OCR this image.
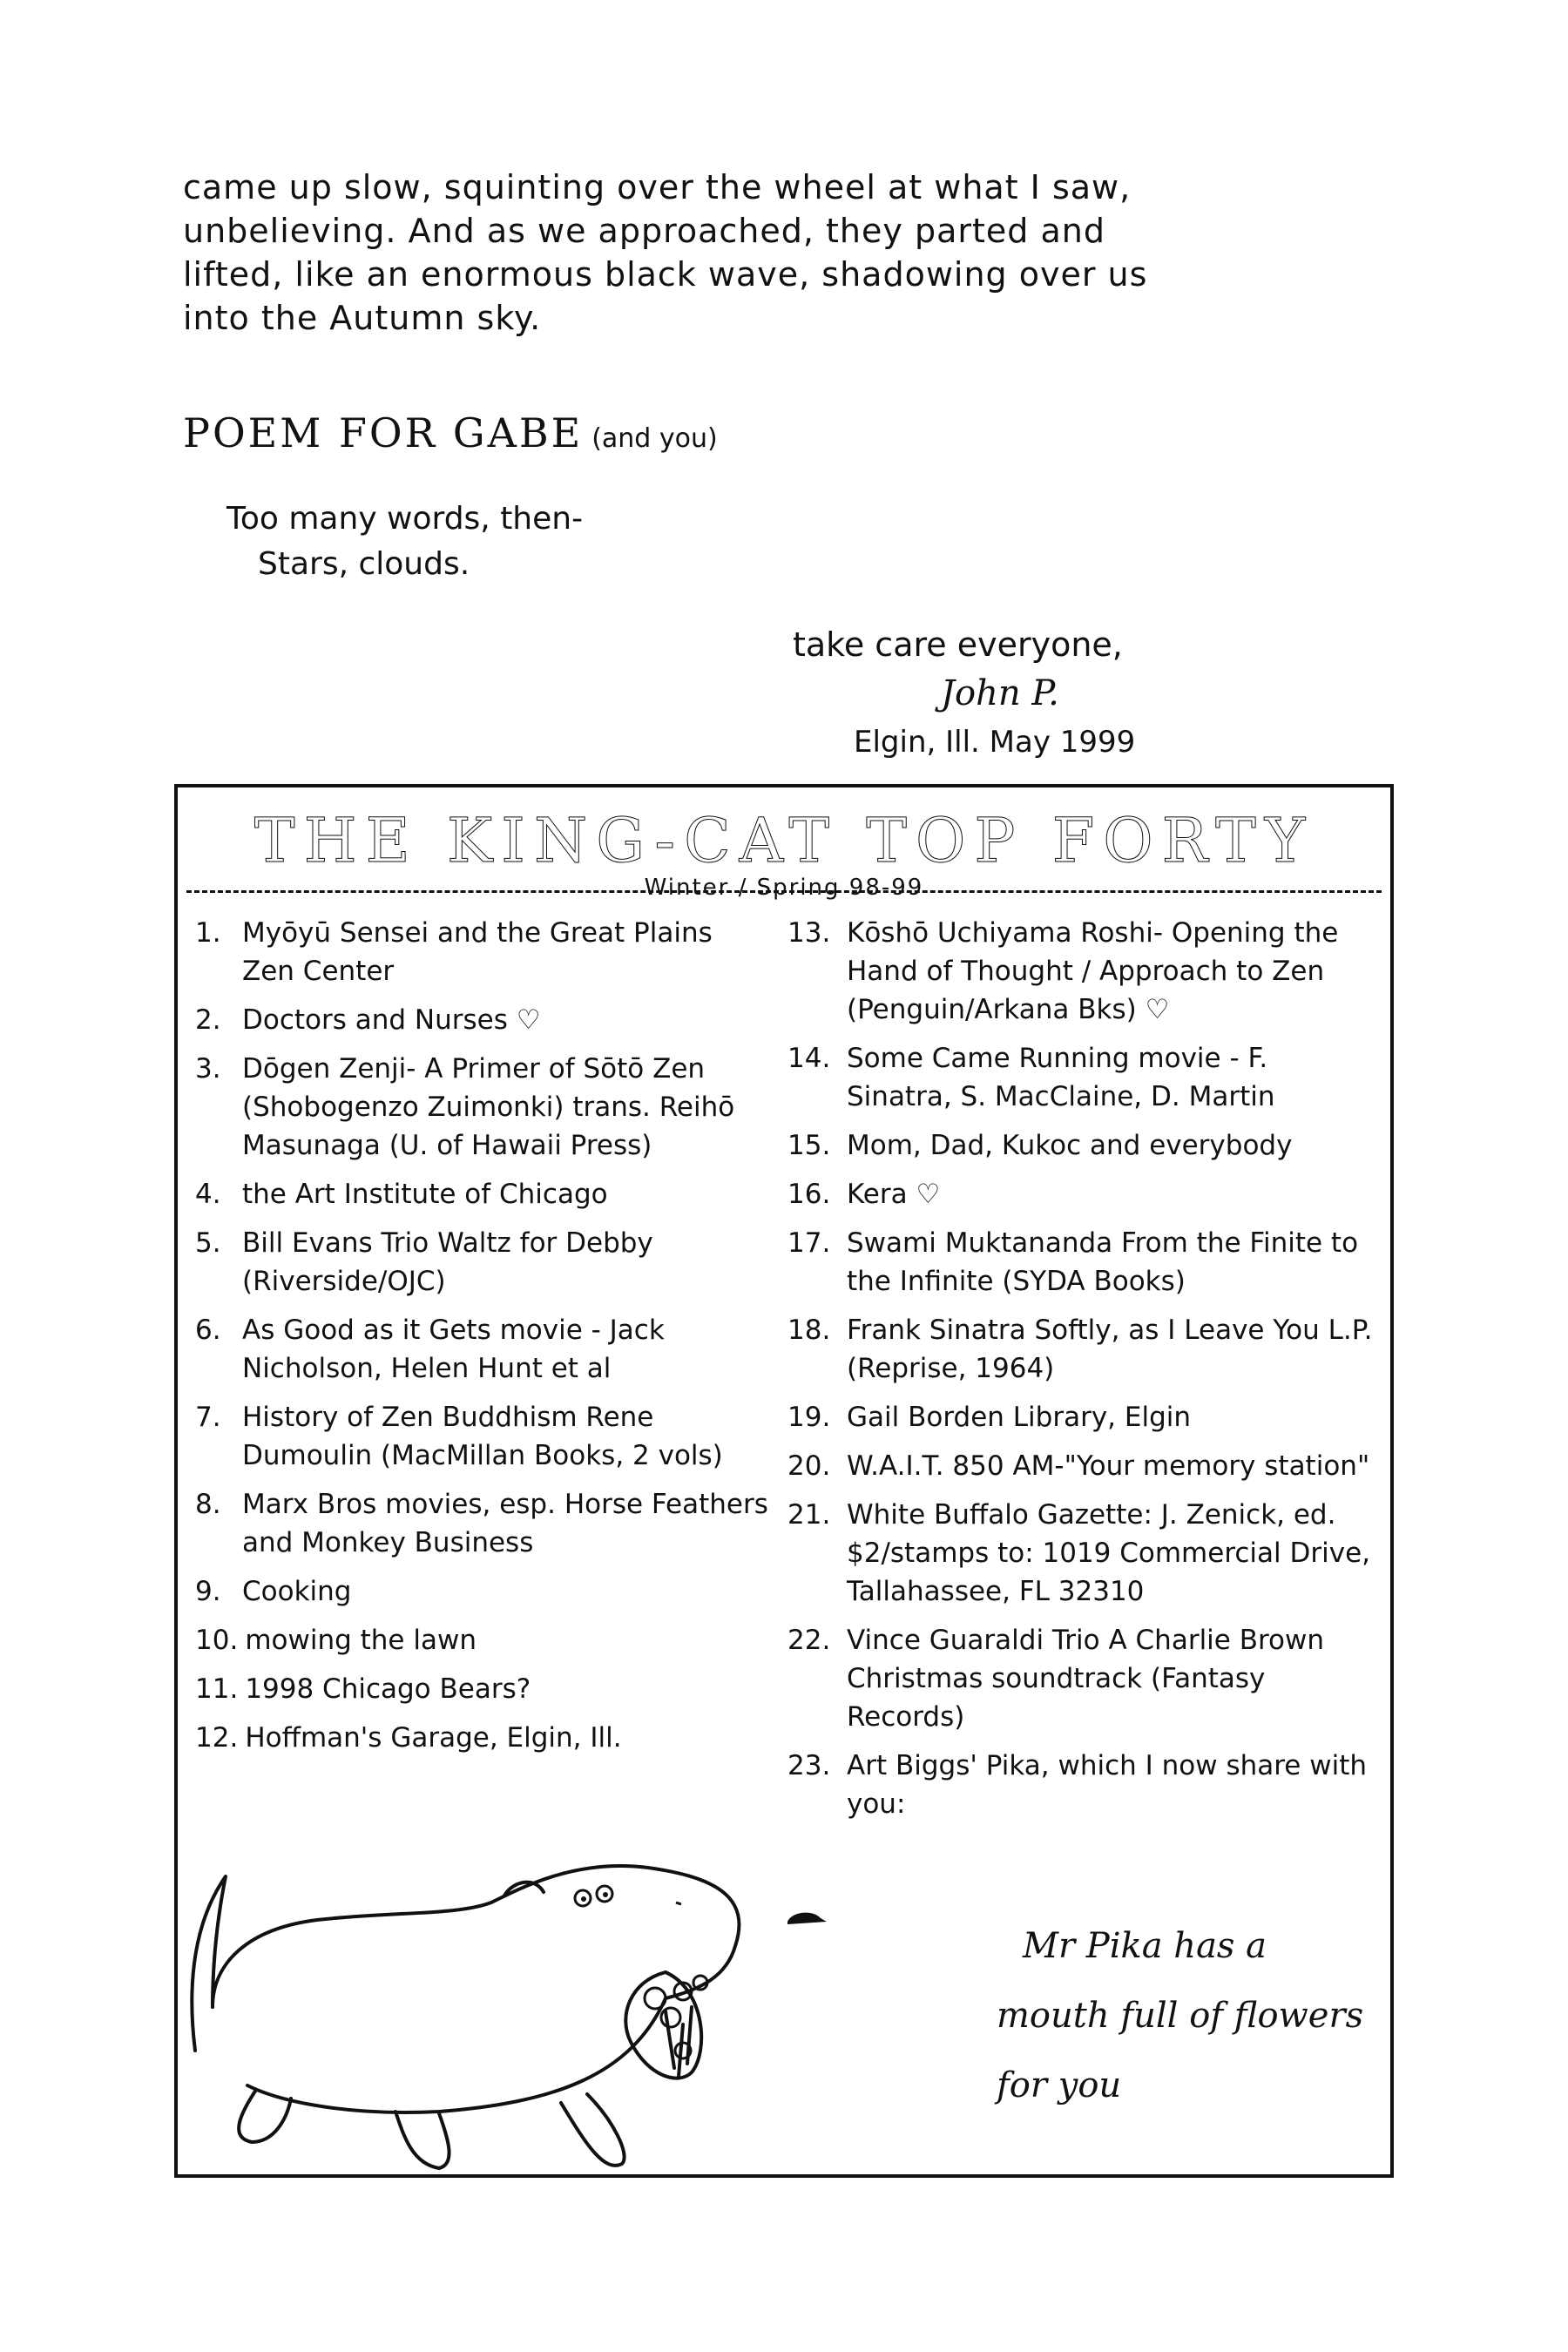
came up slow, squinting over the wheel at what I saw,
unbelieving. And as we approached, they parted and
lifted, like an enormous black wave, shadowing over us
into the Autumn sky.
POEM FOR GABE (and you)
Too many words, then-
Stars, clouds.
take care everyone,
John P.
Elgin, Ill. May 1999
THE KING-CAT TOP FORTY
Winter / Spring 98-99
1. Myōyū Sensei and the Great Plains Zen Center
2. Doctors and Nurses ♡
3. Dōgen Zenji- A Primer of Sōtō Zen (Shobogenzo Zuimonki) trans. Reihō Masunaga (U. of Hawaii Press)
4. the Art Institute of Chicago
5. Bill Evans Trio Waltz for Debby (Riverside/OJC)
6. As Good as it Gets movie - Jack Nicholson, Helen Hunt et al
7. History of Zen Buddhism Rene Dumoulin (MacMillan Books, 2 vols)
8. Marx Bros movies, esp. Horse Feathers and Monkey Business
9. Cooking
10. mowing the lawn
11. 1998 Chicago Bears?
12. Hoffman's Garage, Elgin, Ill.
13. Kōshō Uchiyama Roshi- Opening the Hand of Thought / Approach to Zen (Penguin/Arkana Bks) ♡
14. Some Came Running movie - F. Sinatra, S. MacClaine, D. Martin
15. Mom, Dad, Kukoc and everybody
16. Kera ♡
17. Swami Muktananda From the Finite to the Infinite (SYDA Books)
18. Frank Sinatra Softly, as I Leave You L.P. (Reprise, 1964)
19. Gail Borden Library, Elgin
20. W.A.I.T. 850 AM-"Your memory station"
21. White Buffalo Gazette: J. Zenick, ed. $2/stamps to: 1019 Commercial Drive, Tallahassee, FL 32310
22. Vince Guaraldi Trio A Charlie Brown Christmas soundtrack (Fantasy Records)
23. Art Biggs' Pika, which I now share with you:
Mr Pika has a
mouth full of flowers
for you
